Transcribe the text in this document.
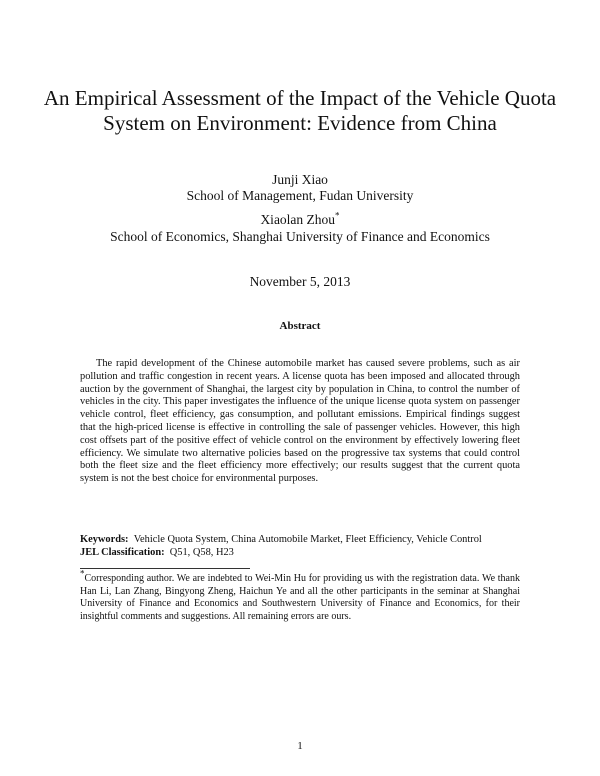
An Empirical Assessment of the Impact of the Vehicle Quota System on Environment: Evidence from China
Junji Xiao
School of Management, Fudan University
Xiaolan Zhou*
School of Economics, Shanghai University of Finance and Economics
November 5, 2013
Abstract

The rapid development of the Chinese automobile market has caused severe problems, such as air pollution and traffic congestion in recent years. A license quota has been imposed and allocated through auction by the government of Shanghai, the largest city by population in China, to control the number of vehicles in the city. This paper investigates the influence of the unique license quota system on passenger vehicle control, fleet efficiency, gas consumption, and pollutant emissions. Empirical findings suggest that the high-priced license is effective in controlling the sale of passenger vehicles. However, this high cost offsets part of the positive effect of vehicle control on the environment by effectively lowering fleet efficiency. We simulate two alternative policies based on the progressive tax systems that could control both the fleet size and the fleet efficiency more effectively; our results suggest that the current quota system is not the best choice for environmental purposes.

Keywords: Vehicle Quota System, China Automobile Market, Fleet Efficiency, Vehicle Control
JEL Classification: Q51, Q58, H23

*Corresponding author. We are indebted to Wei-Min Hu for providing us with the registration data. We thank Han Li, Lan Zhang, Bingyong Zheng, Haichun Ye and all the other participants in the seminar at Shanghai University of Finance and Economics and Southwestern University of Finance and Economics, for their insightful comments and suggestions. All remaining errors are ours.

1
